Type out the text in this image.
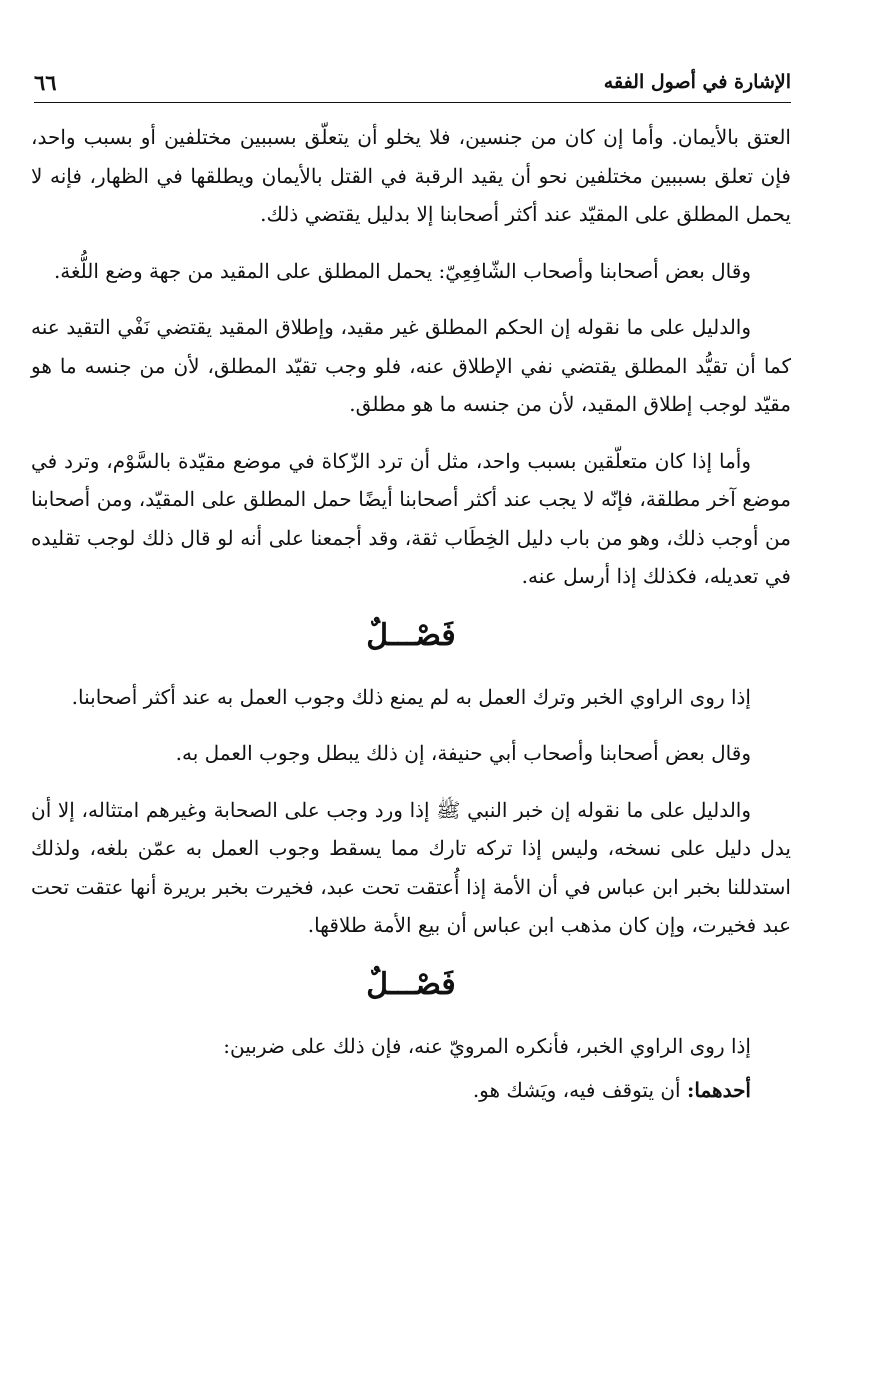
الإشارة في أصول الفقه
٦٦

العتق بالأيمان. وأما إن كان من جنسين، فلا يخلو أن يتعلّق بسببين مختلفين أو بسبب واحد، فإن تعلق بسببين مختلفين نحو أن يقيد الرقبة في القتل بالأيمان ويطلقها في الظهار، فإنه لا يحمل المطلق على المقيّد عند أكثر أصحابنا إلا بدليل يقتضي ذلك.

وقال بعض أصحابنا وأصحاب الشّافِعِيّ: يحمل المطلق على المقيد من جهة وضع اللُّغة.

والدليل على ما نقوله إن الحكم المطلق غير مقيد، وإطلاق المقيد يقتضي نَفْي التقيد عنه كما أن تقيُّد المطلق يقتضي نفي الإطلاق عنه، فلو وجب تقيّد المطلق، لأن من جنسه ما هو مقيّد لوجب إطلاق المقيد، لأن من جنسه ما هو مطلق.

وأما إذا كان متعلّقين بسبب واحد، مثل أن ترد الزّكاة في موضع مقيّدة بالسَّوْم، وترد في موضع آخر مطلقة، فإنّه لا يجب عند أكثر أصحابنا أيضًا حمل المطلق على المقيّد، ومن أصحابنا من أوجب ذلك، وهو من باب دليل الخِطَاب ثقة، وقد أجمعنا على أنه لو قال ذلك لوجب تقليده في تعديله، فكذلك إذا أرسل عنه.

فَصْـــلٌ

إذا روى الراوي الخبر وترك العمل به لم يمنع ذلك وجوب العمل به عند أكثر أصحابنا.

وقال بعض أصحابنا وأصحاب أبي حنيفة، إن ذلك يبطل وجوب العمل به.

والدليل على ما نقوله إن خبر النبي ﷺ إذا ورد وجب على الصحابة وغيرهم امتثاله، إلا أن يدل دليل على نسخه، وليس إذا تركه تارك مما يسقط وجوب العمل به عمّن بلغه، ولذلك استدللنا بخبر ابن عباس في أن الأمة إذا أُعتقت تحت عبد، فخيرت بخبر بريرة أنها عتقت تحت عبد فخيرت، وإن كان مذهب ابن عباس أن بيع الأمة طلاقها.

فَصْـــلٌ

إذا روى الراوي الخبر، فأنكره المرويّ عنه، فإن ذلك على ضربين:

أحدهما: أن يتوقف فيه، ويَشك هو.
